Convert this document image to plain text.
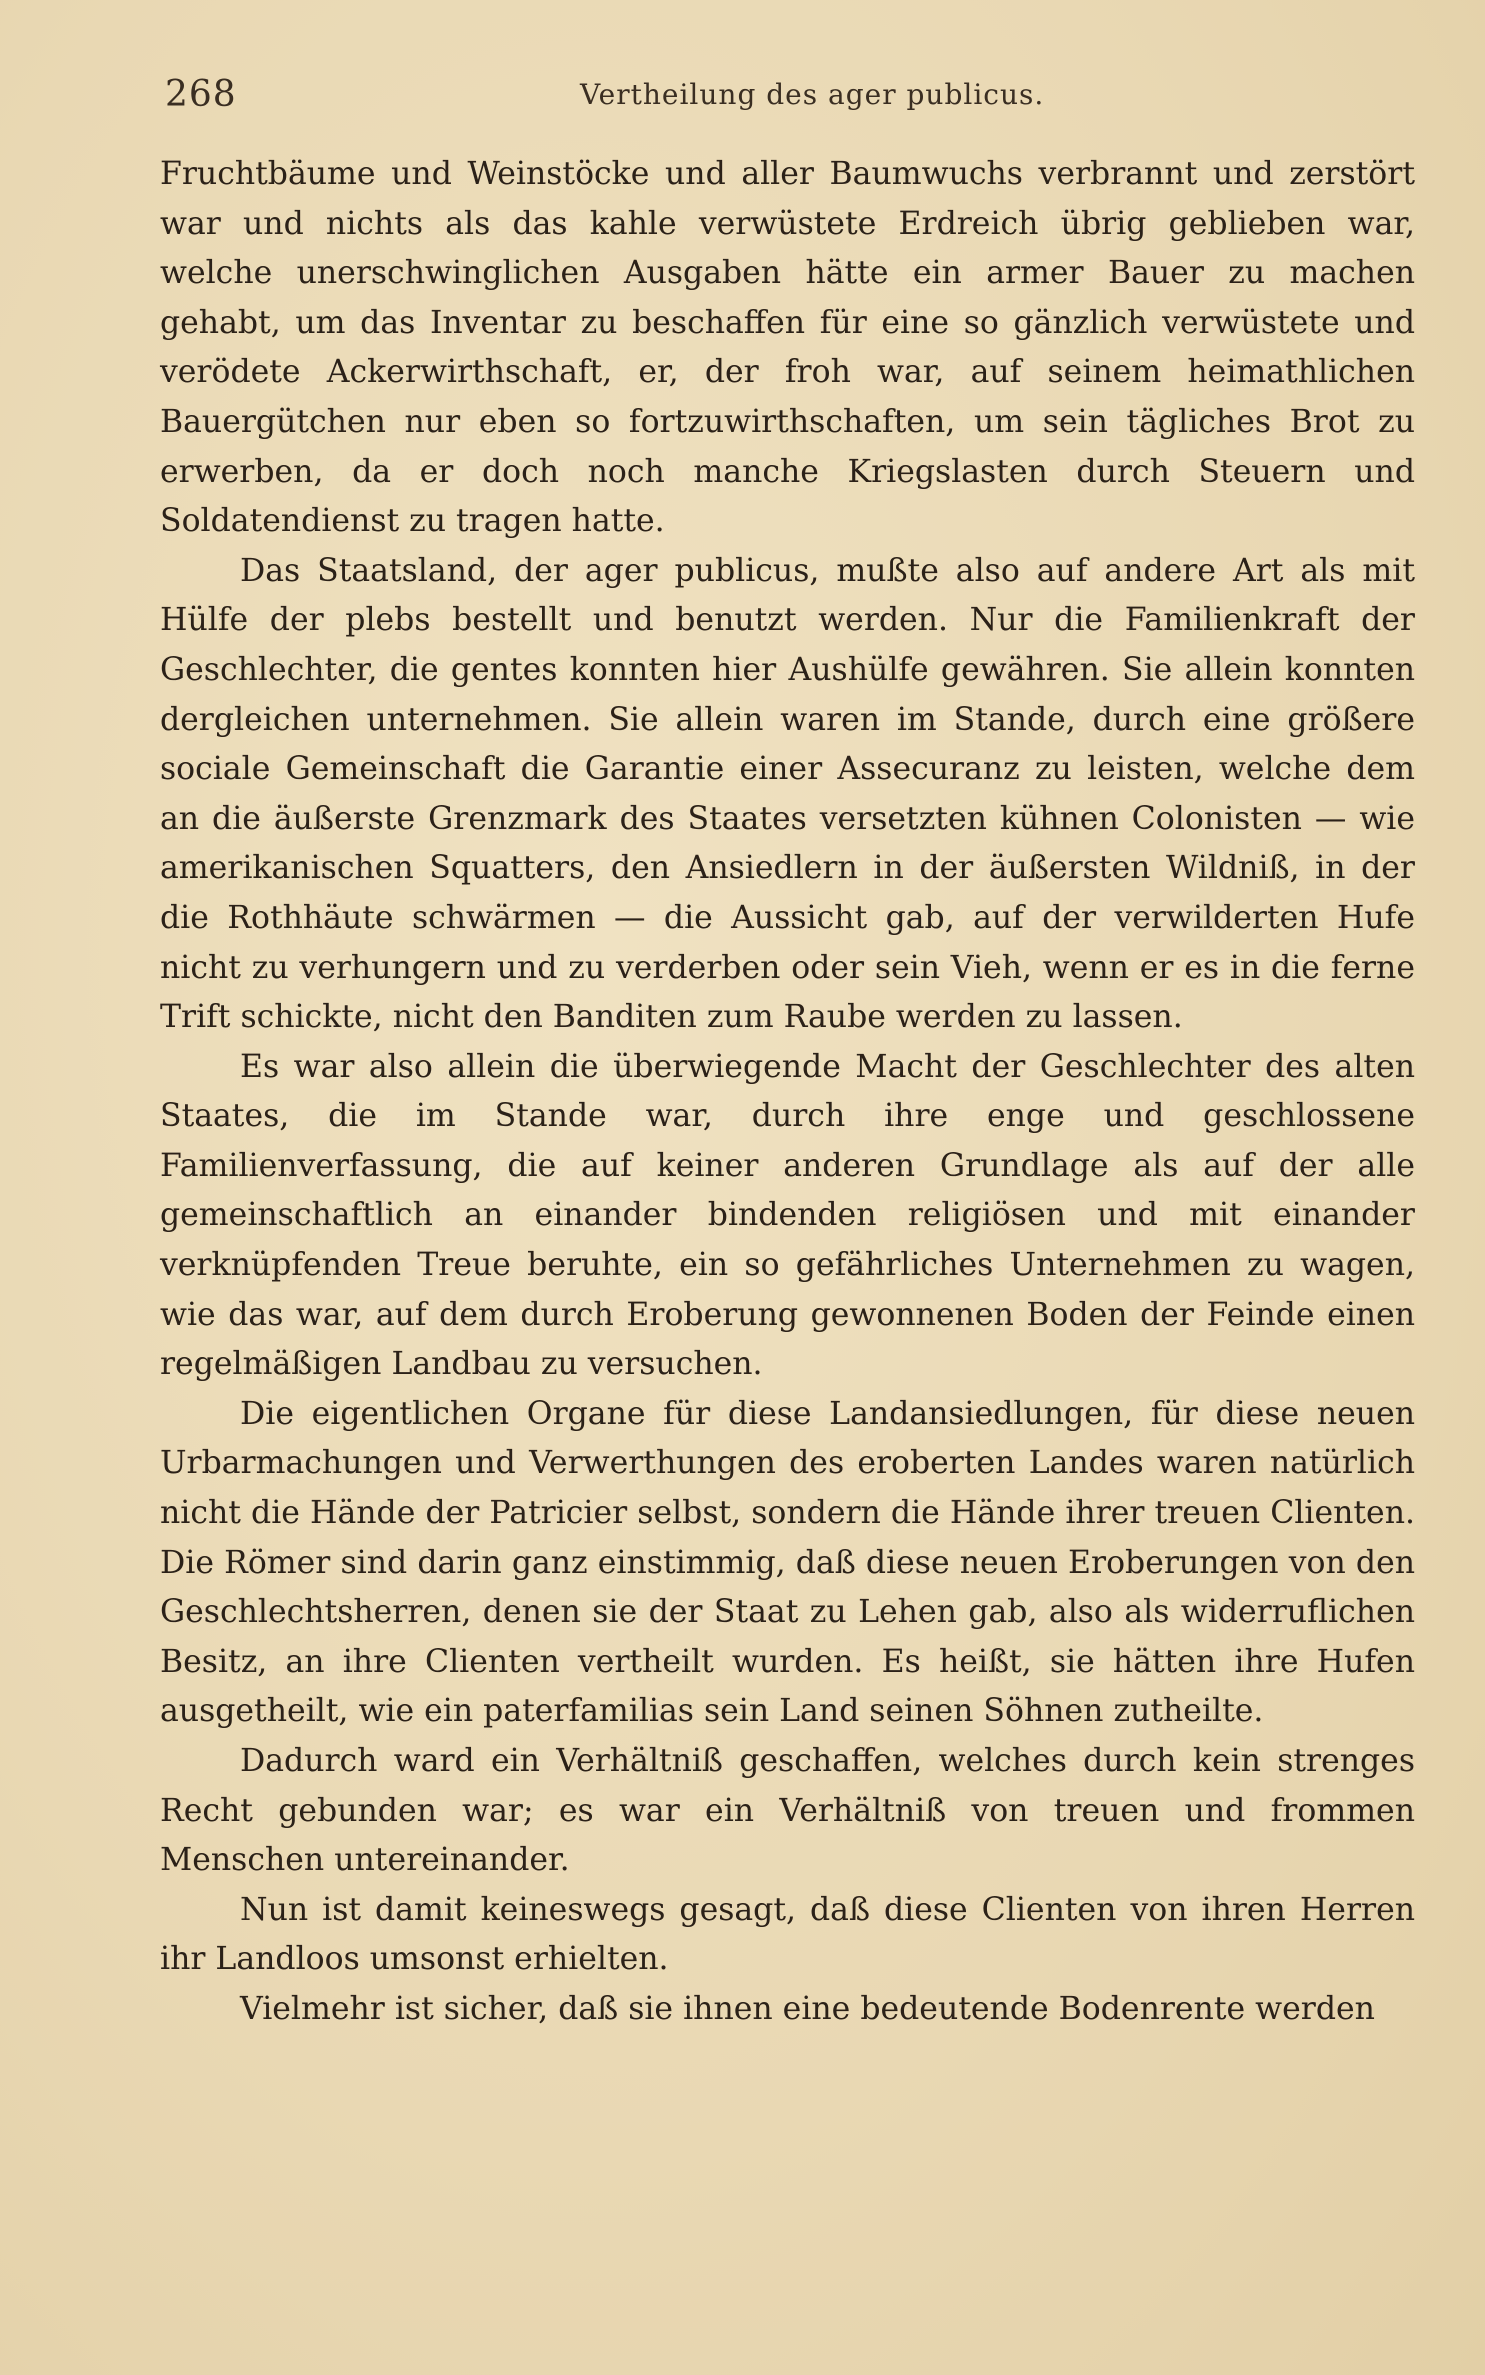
268	Vertheilung des ager publicus.

Fruchtbäume und Weinstöcke und aller Baumwuchs verbrannt und zerstört war und nichts als das kahle verwüstete Erdreich übrig geblieben war, welche unerschwinglichen Ausgaben hätte ein armer Bauer zu machen gehabt, um das Inventar zu beschaffen für eine so gänzlich verwüstete und verödete Ackerwirthschaft, er, der froh war, auf seinem heimathlichen Bauergütchen nur eben so fortzuwirthschaften, um sein tägliches Brot zu erwerben, da er doch noch manche Kriegslasten durch Steuern und Soldatendienst zu tragen hatte.

Das Staatsland, der ager publicus, mußte also auf andere Art als mit Hülfe der plebs bestellt und benutzt werden. Nur die Familienkraft der Geschlechter, die gentes konnten hier Aushülfe gewähren. Sie allein konnten dergleichen unternehmen. Sie allein waren im Stande, durch eine größere sociale Gemeinschaft die Garantie einer Assecuranz zu leisten, welche dem an die äußerste Grenzmark des Staates versetzten kühnen Colonisten — wie amerikanischen Squatters, den Ansiedlern in der äußersten Wildniß, in der die Rothhäute schwärmen — die Aussicht gab, auf der verwilderten Hufe nicht zu verhungern und zu verderben oder sein Vieh, wenn er es in die ferne Trift schickte, nicht den Banditen zum Raube werden zu lassen.

Es war also allein die überwiegende Macht der Geschlechter des alten Staates, die im Stande war, durch ihre enge und geschlossene Familienverfassung, die auf keiner anderen Grundlage als auf der alle gemeinschaftlich an einander bindenden religiösen und mit einander verknüpfenden Treue beruhte, ein so gefährliches Unternehmen zu wagen, wie das war, auf dem durch Eroberung gewonnenen Boden der Feinde einen regelmäßigen Landbau zu versuchen.

Die eigentlichen Organe für diese Landansiedlungen, für diese neuen Urbarmachungen und Verwerthungen des eroberten Landes waren natürlich nicht die Hände der Patricier selbst, sondern die Hände ihrer treuen Clienten. Die Römer sind darin ganz einstimmig, daß diese neuen Eroberungen von den Geschlechtsherren, denen sie der Staat zu Lehen gab, also als widerruflichen Besitz, an ihre Clienten vertheilt wurden. Es heißt, sie hätten ihre Hufen ausgetheilt, wie ein paterfamilias sein Land seinen Söhnen zutheilte.

Dadurch ward ein Verhältniß geschaffen, welches durch kein strenges Recht gebunden war; es war ein Verhältniß von treuen und frommen Menschen untereinander.

Nun ist damit keineswegs gesagt, daß diese Clienten von ihren Herren ihr Landloos umsonst erhielten.

Vielmehr ist sicher, daß sie ihnen eine bedeutende Bodenrente werden
